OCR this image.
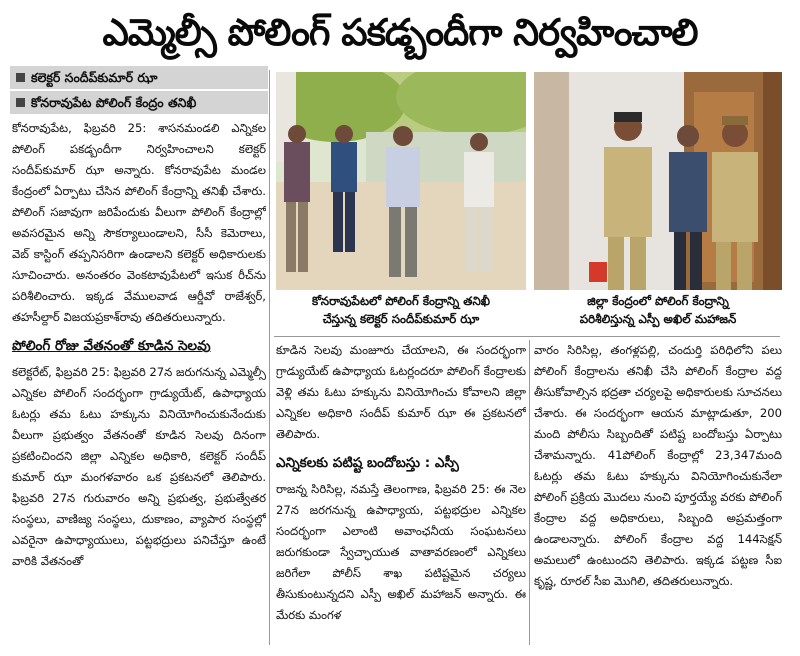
ఎమ్మెల్సీ పోలింగ్ పకడ్బందీగా నిర్వహించాలి
కలెక్టర్ సందీప్‌కుమార్ ఝా
కోనరావుపేట పోలింగ్ కేంద్రం తనిఖీ

కోనరావుపేట, ఫిబ్రవరి 25: శాసనమండలి ఎన్నికల పోలింగ్ పకడ్బందీగా నిర్వహించాలని కలెక్టర్ సందీప్‌కుమార్ ఝా అన్నారు. కోనరావుపేట మండల కేంద్రంలో ఏర్పాటు చేసిన పోలింగ్ కేంద్రాన్ని తనిఖీ చేశారు. పోలింగ్ సజావుగా జరిపేందుకు వీలుగా పోలింగ్ కేంద్రాల్లో అవసరమైన అన్ని సౌకర్యాలుండాలని, సీసీ కెమెరాలు, వెబ్ కాస్టింగ్ తప్పనిసరిగా ఉండాలని కలెక్టర్ అధికారులకు సూచించారు. అనంతరం వెంకటావుపేటలో ఇసుక రీచ్‌ను పరిశీలించారు. ఇక్కడ వేములవాడ ఆర్డీవో రాజేశ్వర్, తహసీల్దార్ విజయప్రకాశ్‌రావు తదితరులున్నారు.

పోలింగ్ రోజు వేతనంతో కూడిన సెలవు

కలెక్టరేట్, ఫిబ్రవరి 25: ఫిబ్రవరి 27న జరుగనున్న ఎమ్మెల్సీ ఎన్నికల పోలింగ్ సందర్భంగా గ్రాడ్యుయేట్, ఉపాధ్యాయ ఓటర్లు తమ ఓటు హక్కును వినియోగించుకునేందుకు వీలుగా ప్రభుత్వం వేతనంతో కూడిన సెలవు దినంగా ప్రకటించిందని జిల్లా ఎన్నికల అధికారి, కలెక్టర్ సందీప్ కుమార్ ఝా మంగళవారం ఒక ప్రకటనలో తెలిపారు. ఫిబ్రవరి 27న గురువారం అన్ని ప్రభుత్వ, ప్రభుత్వేతర సంస్థలు, వాణిజ్య సంస్థలు, దుకాణం, వ్యాపార సంస్థల్లో ఎవరైనా ఉపాధ్యాయులు, పట్టభద్రులు పనిచేస్తూ ఉంటే వారికి వేతనంతో

కోనరావుపేటలో పోలింగ్ కేంద్రాన్ని తనిఖీ
చేస్తున్న కలెక్టర్ సందీప్‌కుమార్ ఝా
జిల్లా కేంద్రంలో పోలింగ్ కేంద్రాన్ని
పరిశీలిస్తున్న ఎస్పీ అఖిల్ మహాజన్

కూడిన సెలవు మంజూరు చేయాలని, ఈ సందర్భంగా గ్రాడ్యుయేట్ ఉపాధ్యాయ ఓటర్లందరూ పోలింగ్ కేంద్రాలకు వెళ్లి తమ ఓటు హక్కును వినియోగించు కోవాలని జిల్లా ఎన్నికల అధికారి సందీప్ కుమార్ ఝా ఈ ప్రకటనలో తెలిపారు.

ఎన్నికలకు పటిష్ట బందోబస్తు : ఎస్పీ

రాజన్న సిరిసిల్ల, నమస్తే తెలంగాణ, ఫిబ్రవరి 25: ఈ నెల 27న జరగనున్న ఉపాధ్యాయ, పట్టభద్రుల ఎన్నికల సందర్భంగా ఎలాంటి అవాంఛనీయ సంఘటనలు జరుగకుండా స్వేచ్ఛాయుత వాతావరణంలో ఎన్నికలు జరిగేలా పోలీస్ శాఖ పటిష్టమైన చర్యలు తీసుకుంటున్నదని ఎస్పీ అఖిల్ మహాజన్ అన్నారు. ఈ మేరకు మంగళ

వారం సిరిసిల్ల, తంగళ్లపల్లి, చందుర్తి పరిధిలోని పలు పోలింగ్ కేంద్రాలను తనిఖీ చేసి పోలింగ్ కేంద్రాల వద్ద తీసుకోవాల్సిన భద్రతా చర్యలపై అధికారులకు సూచనలు చేశారు. ఈ సందర్భంగా ఆయన మాట్లాడుతూ, 200 మంది పోలీసు సిబ్బందితో పటిష్ట బందోబస్తు ఏర్పాటు చేశామన్నారు. 41పోలింగ్ కేంద్రాల్లో 23,347మంది ఓటర్లు తమ ఓటు హక్కును వినియోగించుకునేలా పోలింగ్ ప్రక్రియ మొదలు నుంచి పూర్తయ్యే వరకు పోలింగ్ కేంద్రాల వద్ద అధికారులు, సిబ్బంది అప్రమత్తంగా ఉండాలన్నారు. పోలింగ్ కేంద్రాల వద్ద 144సెక్షన్ అమలులో ఉంటుందని తెలిపారు. ఇక్కడ పట్టణ సీఐ కృష్ణ, రూరల్ సీఐ మొగిలి, తదితరులున్నారు.
